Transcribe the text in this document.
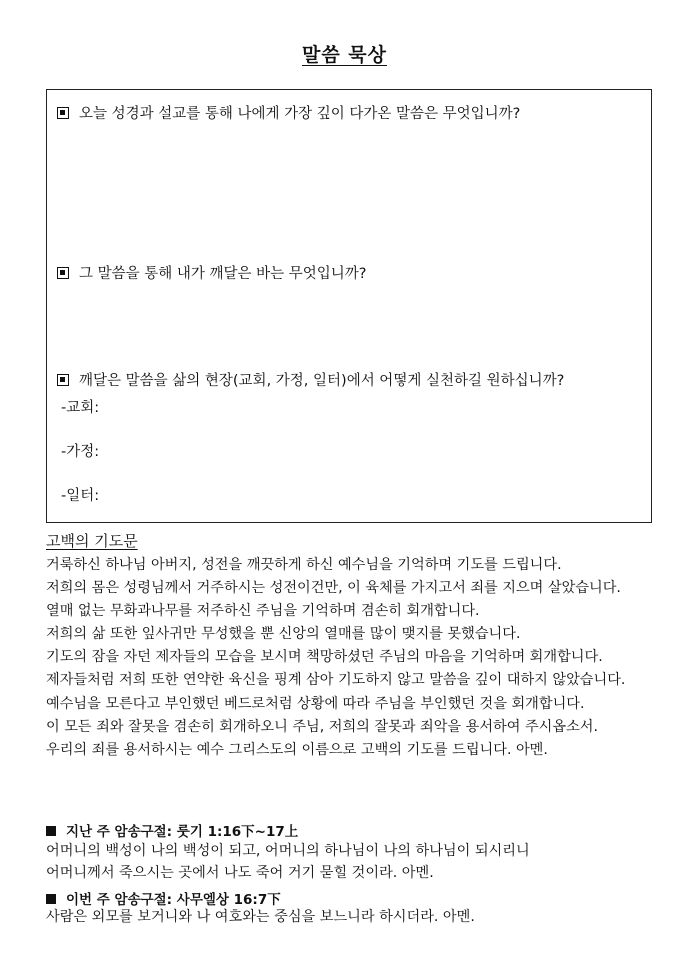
말씀 묵상
오늘 성경과 설교를 통해 나에게 가장 깊이 다가온 말씀은 무엇입니까?
그 말씀을 통해 내가 깨달은 바는 무엇입니까?
깨달은 말씀을 삶의 현장(교회, 가정, 일터)에서 어떻게 실천하길 원하십니까?
-교회:
-가정:
-일터:
고백의 기도문
거룩하신 하나님 아버지, 성전을 깨끗하게 하신 예수님을 기억하며 기도를 드립니다.
저희의 몸은 성령님께서 거주하시는 성전이건만, 이 육체를 가지고서 죄를 지으며 살았습니다.
열매 없는 무화과나무를 저주하신 주님을 기억하며 겸손히 회개합니다.
저희의 삶 또한 잎사귀만 무성했을 뿐 신앙의 열매를 많이 맺지를 못했습니다.
기도의 잠을 자던 제자들의 모습을 보시며 책망하셨던 주님의 마음을 기억하며 회개합니다.
제자들처럼 저희 또한 연약한 육신을 핑계 삼아 기도하지 않고 말씀을 깊이 대하지 않았습니다.
예수님을 모른다고 부인했던 베드로처럼 상황에 따라 주님을 부인했던 것을 회개합니다.
이 모든 죄와 잘못을 겸손히 회개하오니 주님, 저희의 잘못과 죄악을 용서하여 주시옵소서.
우리의 죄를 용서하시는 예수 그리스도의 이름으로 고백의 기도를 드립니다. 아멘.
지난 주 암송구절: 룻기 1:16下~17上
어머니의 백성이 나의 백성이 되고, 어머니의 하나님이 나의 하나님이 되시리니
어머니께서 죽으시는 곳에서 나도 죽어 거기 묻힐 것이라. 아멘.
이번 주 암송구절: 사무엘상 16:7下
사람은 외모를 보거니와 나 여호와는 중심을 보느니라 하시더라. 아멘.
